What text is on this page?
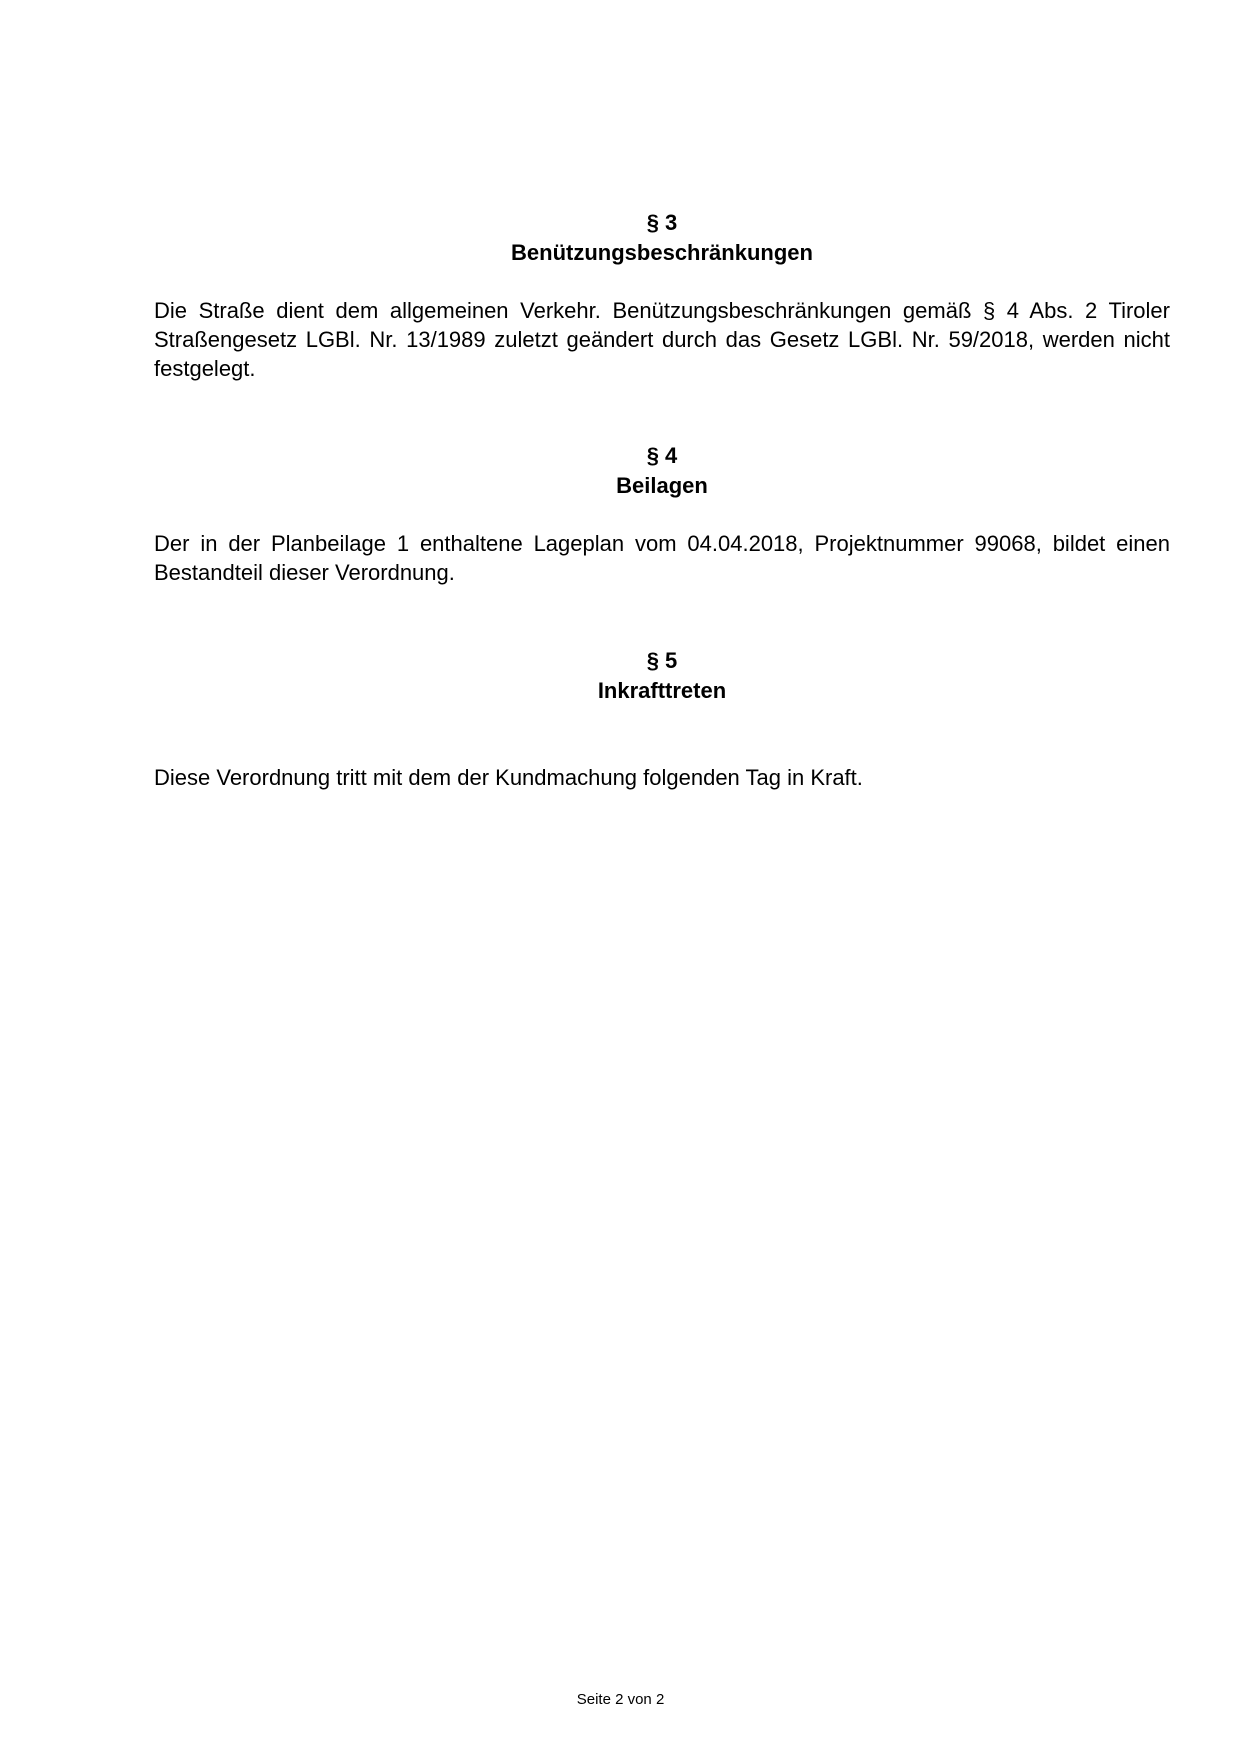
§ 3

Benützungsbeschränkungen

Die Straße dient dem allgemeinen Verkehr. Benützungsbeschränkungen gemäß § 4 Abs. 2 Tiroler Straßengesetz LGBl. Nr. 13/1989 zuletzt geändert durch das Gesetz LGBl. Nr. 59/2018, werden nicht festgelegt.

§ 4

Beilagen

Der in der Planbeilage 1 enthaltene Lageplan vom 04.04.2018, Projektnummer 99068, bildet einen Bestandteil dieser Verordnung.

§ 5

Inkrafttreten

Diese Verordnung tritt mit dem der Kundmachung folgenden Tag in Kraft.

Seite 2 von 2
